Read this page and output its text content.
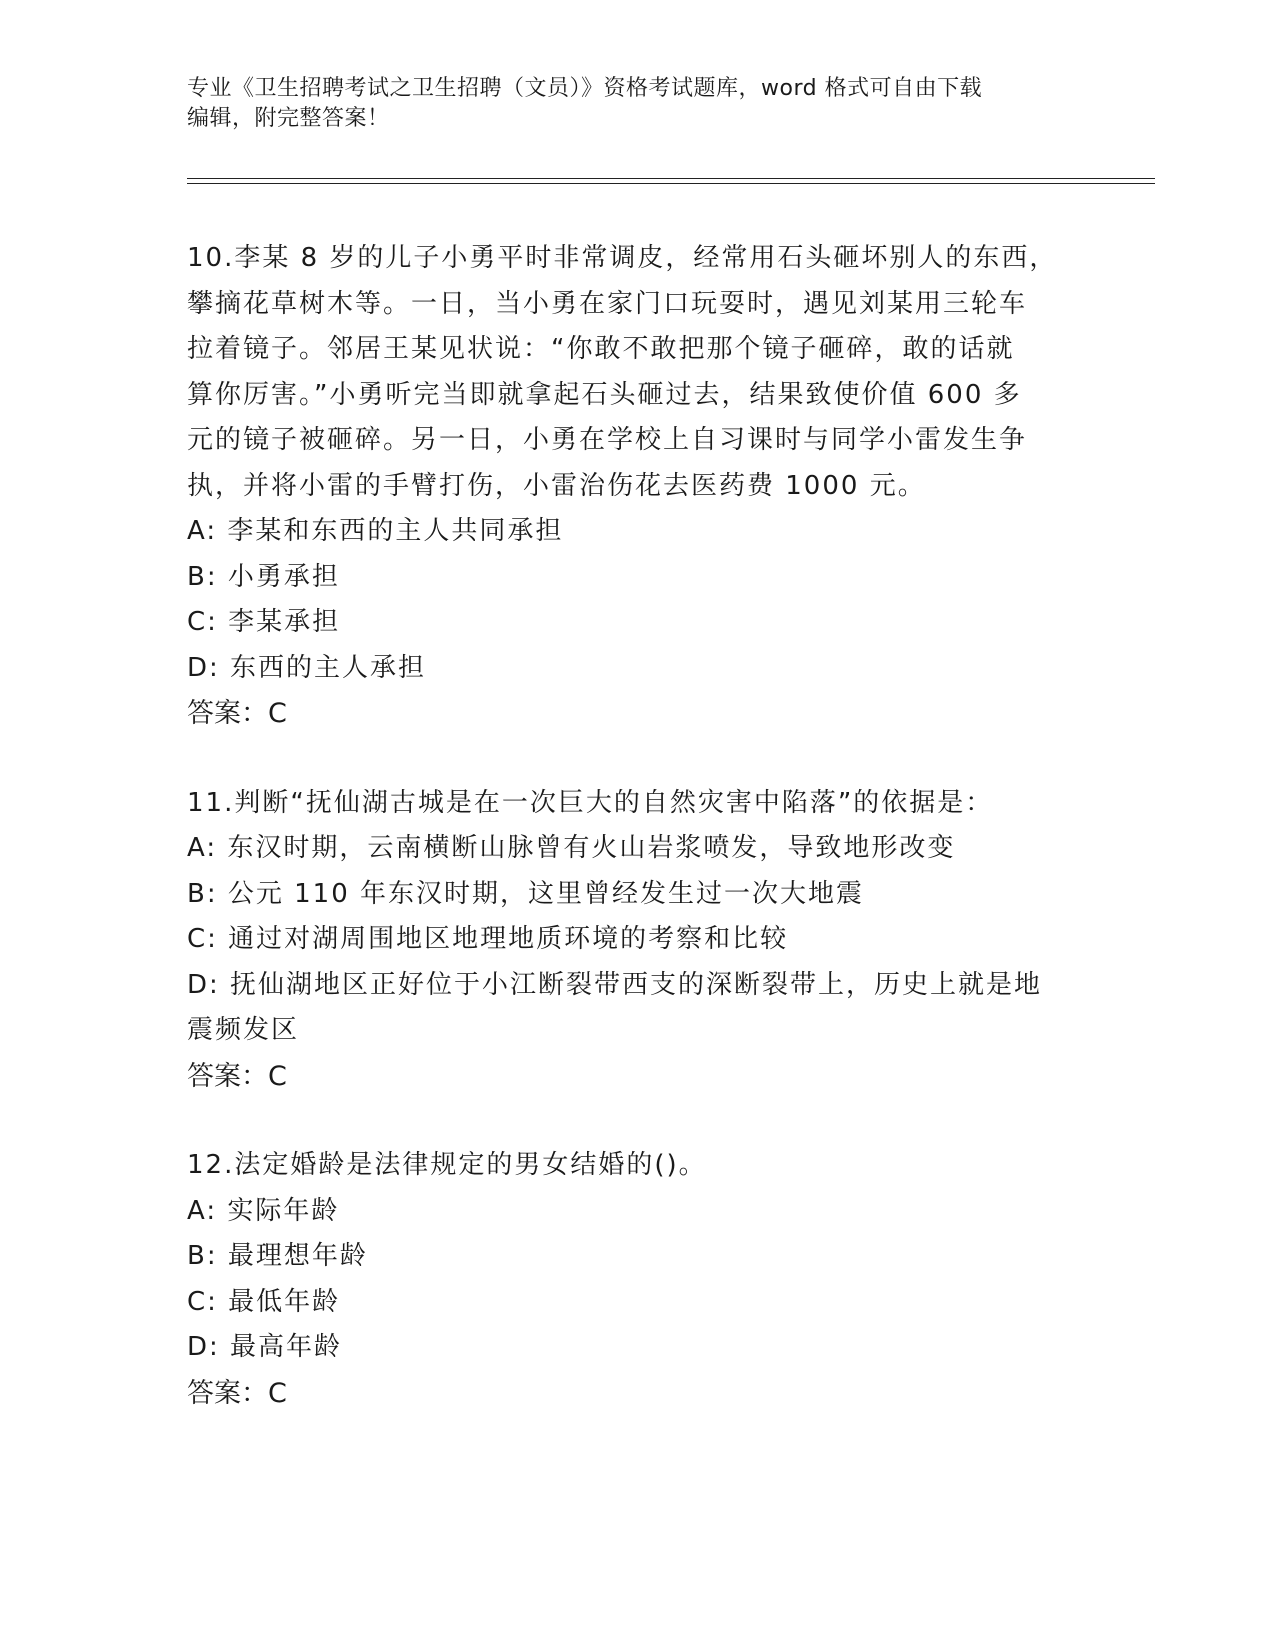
专业《卫生招聘考试之卫生招聘（文员）》资格考试题库，word 格式可自由下载
编辑，附完整答案！
10.李某 8 岁的儿子小勇平时非常调皮，经常用石头砸坏别人的东西，
攀摘花草树木等。一日，当小勇在家门口玩耍时，遇见刘某用三轮车
拉着镜子。邻居王某见状说：“你敢不敢把那个镜子砸碎，敢的话就
算你厉害。”小勇听完当即就拿起石头砸过去，结果致使价值 600 多
元的镜子被砸碎。另一日，小勇在学校上自习课时与同学小雷发生争
执，并将小雷的手臂打伤，小雷治伤花去医药费 1000 元。
A: 李某和东西的主人共同承担
B: 小勇承担
C: 李某承担
D: 东西的主人承担
答案：C
11.判断“抚仙湖古城是在一次巨大的自然灾害中陷落”的依据是：
A: 东汉时期，云南横断山脉曾有火山岩浆喷发，导致地形改变
B: 公元 110 年东汉时期，这里曾经发生过一次大地震
C: 通过对湖周围地区地理地质环境的考察和比较
D: 抚仙湖地区正好位于小江断裂带西支的深断裂带上，历史上就是地
震频发区
答案：C
12.法定婚龄是法律规定的男女结婚的()。
A: 实际年龄
B: 最理想年龄
C: 最低年龄
D: 最高年龄
答案：C
